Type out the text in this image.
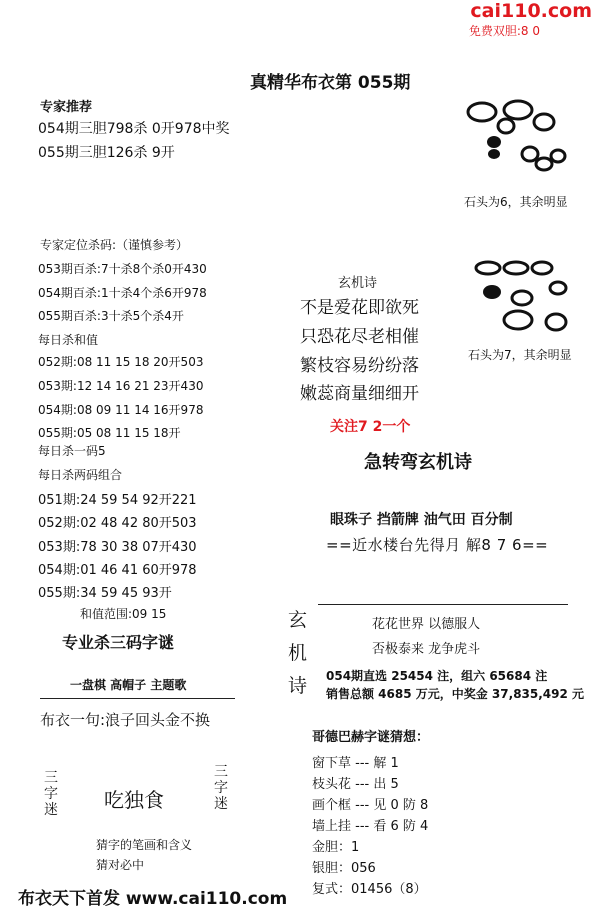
cai110.com
免费双胆:8 0
真精华布衣第 055期
专家推荐
054期三胆798杀 0开978中奖
055期三胆126杀 9开
专家定位杀码:（谨慎参考）
053期百杀:7十杀8个杀0开430
054期百杀:1十杀4个杀6开978
055期百杀:3十杀5个杀4开
每日杀和值
052期:08 11 15 18 20开503
053期:12 14 16 21 23开430
054期:08 09 11 14 16开978
055期:05 08 11 15 18开
每日杀一码5
每日杀两码组合
051期:24 59 54 92开221
052期:02 48 42 80开503
053期:78 30 38 07开430
054期:01 46 41 60开978
055期:34 59 45 93开
和值范围:09 15
专业杀三码字谜
一盘棋 高帽子 主题歌
布衣一句:浪子回头金不换
三
字
迷 吃独食
三
字
迷
猜字的笔画和含义
猜对必中
石头为6，其余明显
石头为7，其余明显
玄机诗
不是爱花即欲死
只恐花尽老相催
繁枝容易纷纷落
嫩蕊商量细细开
关注7 2一个
急转弯玄机诗
眼珠子 挡箭牌 油气田 百分制
==近水楼台先得月 解8 7 6==
玄
机
诗
花花世界 以德服人
否极泰来 龙争虎斗
054期直选 25454 注，组六 65684 注
销售总额 4685 万元，中奖金 37,835,492 元
哥德巴赫字谜猜想：
窗下草 --- 解 1
枝头花 --- 出 5
画个框 --- 见 0 防 8
墙上挂 --- 看 6 防 4
金胆：1
银胆：056
复式：01456（8）
布衣天下首发 www.cai110.com
